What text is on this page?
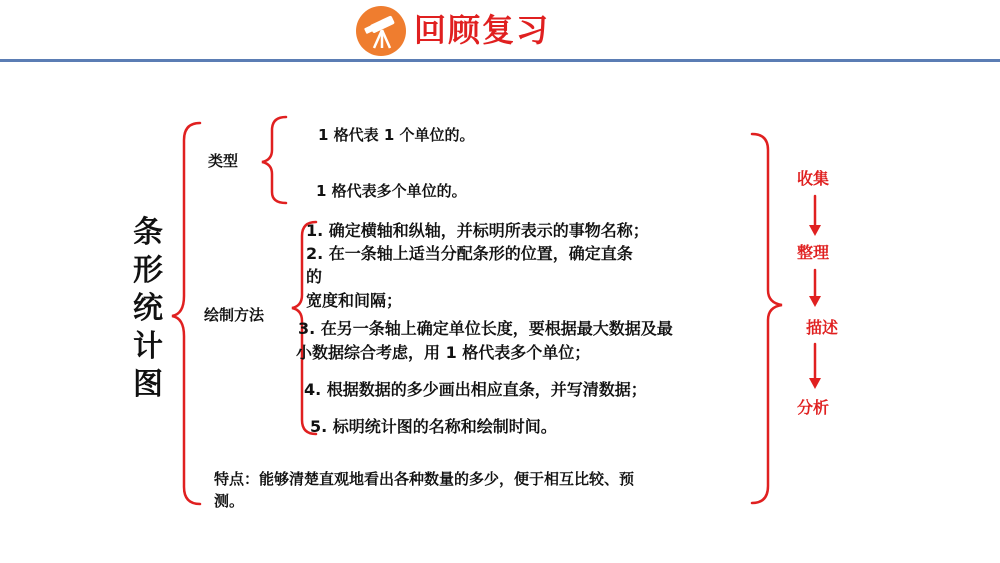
回顾复习
条形统计图
类型
1 格代表 1 个单位的。
1 格代表多个单位的。
绘制方法
1. 确定横轴和纵轴，并标明所表示的事物名称；
2. 在一条轴上适当分配条形的位置，确定直条
的
宽度和间隔；
3. 在另一条轴上确定单位长度，要根据最大数据及最
小数据综合考虑，用 1 格代表多个单位；
4. 根据数据的多少画出相应直条，并写清数据；
5. 标明统计图的名称和绘制时间。
特点：能够清楚直观地看出各种数量的多少，便于相互比较、预
测。
收集
整理
描述
分析
